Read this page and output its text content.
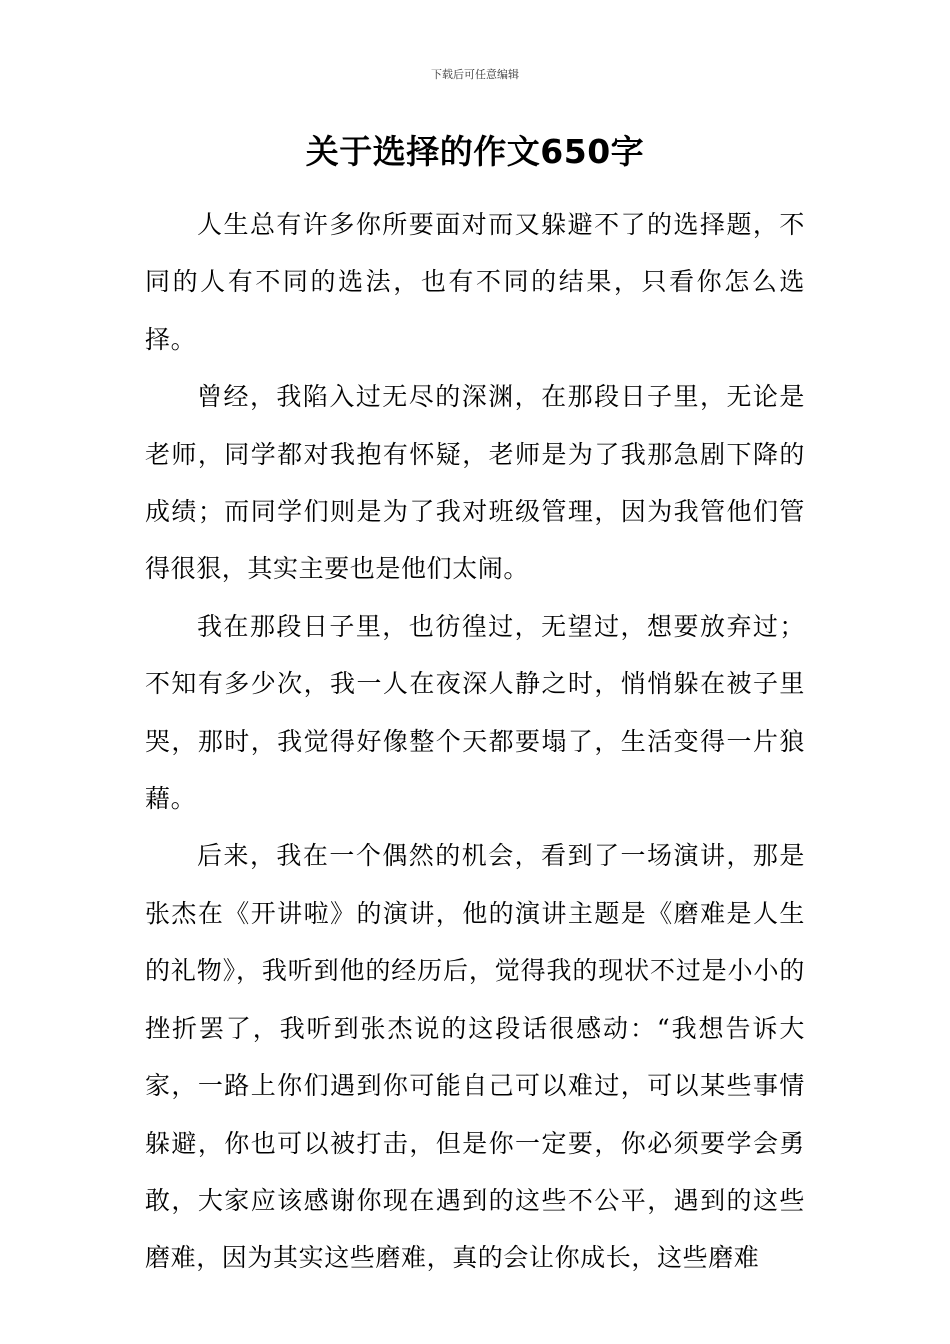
下载后可任意编辑
关于选择的作文650字

人生总有许多你所要面对而又躲避不了的选择题，不同的人有不同的选法，也有不同的结果，只看你怎么选择。

曾经，我陷入过无尽的深渊，在那段日子里，无论是老师，同学都对我抱有怀疑，老师是为了我那急剧下降的成绩；而同学们则是为了我对班级管理，因为我管他们管得很狠，其实主要也是他们太闹。

我在那段日子里，也彷徨过，无望过，想要放弃过；不知有多少次，我一人在夜深人静之时，悄悄躲在被子里哭，那时，我觉得好像整个天都要塌了，生活变得一片狼藉。

后来，我在一个偶然的机会，看到了一场演讲，那是张杰在《开讲啦》的演讲，他的演讲主题是《磨难是人生的礼物》，我听到他的经历后，觉得我的现状不过是小小的挫折罢了，我听到张杰说的这段话很感动：“我想告诉大家，一路上你们遇到你可能自己可以难过，可以某些事情躲避，你也可以被打击，但是你一定要，你必须要学会勇敢，大家应该感谢你现在遇到的这些不公平，遇到的这些磨难，因为其实这些磨难，真的会让你成长，这些磨难
